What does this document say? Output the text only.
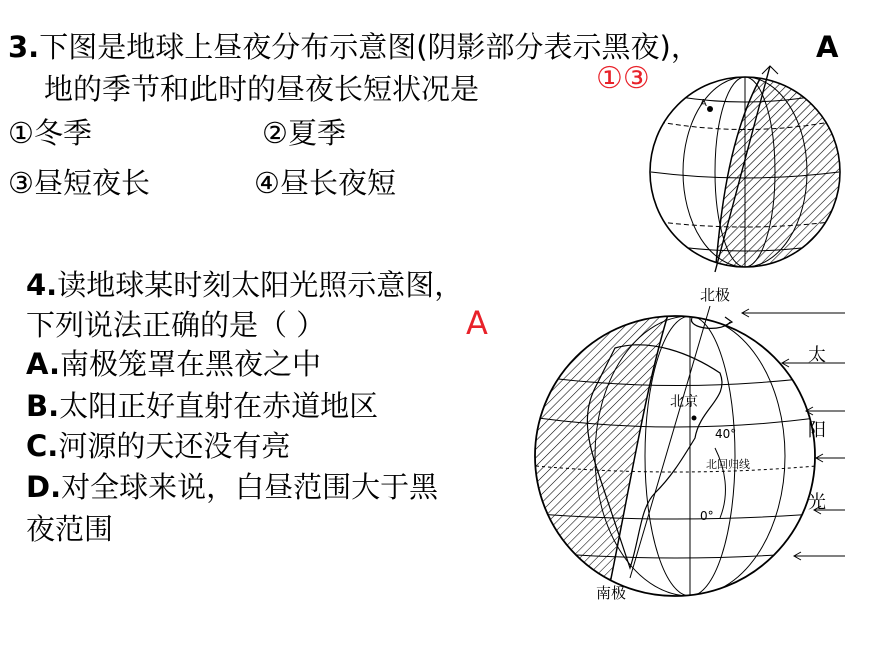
3.下图是地球上昼夜分布示意图(阴影部分表示黑夜)，	A
地的季节和此时的昼夜长短状况是	①③
①冬季	②夏季
③昼短夜长	④昼长夜短
A
4.读地球某时刻太阳光照示意图，
下列说法正确的是（ ）	A
A.南极笼罩在黑夜之中
B.太阳正好直射在赤道地区
C.河源的天还没有亮
D.对全球来说，白昼范围大于黑
夜范围
北极
南极
北京
40°
北回归线
0°
太
阳
光
